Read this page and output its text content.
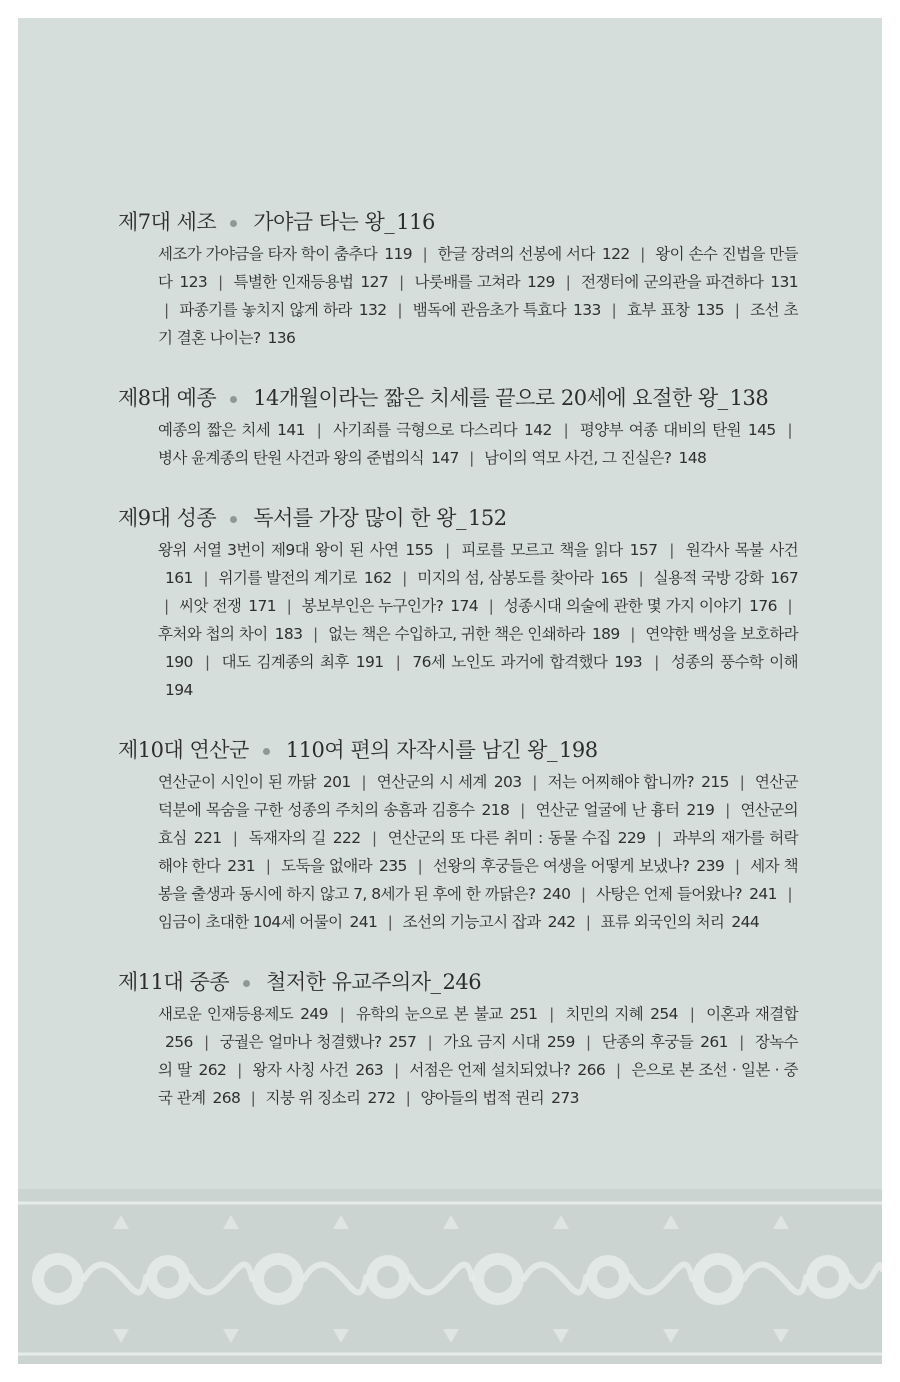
제7대 세조 가야금 타는 왕_116
세조가 가야금을 타자 학이 춤추다 119 | 한글 장려의 선봉에 서다 122 | 왕이 손수 진법을 만들다 123 | 특별한 인재등용법 127 | 나룻배를 고쳐라 129 | 전쟁터에 군의관을 파견하다 131 | 파종기를 놓치지 않게 하라 132 | 뱀독에 관음초가 특효다 133 | 효부 표창 135 | 조선 초기 결혼 나이는? 136
제8대 예종 14개월이라는 짧은 치세를 끝으로 20세에 요절한 왕_138
예종의 짧은 치세 141 | 사기죄를 극형으로 다스리다 142 | 평양부 여종 대비의 탄원 145 | 병사 윤계종의 탄원 사건과 왕의 준법의식 147 | 남이의 역모 사건, 그 진실은? 148
제9대 성종 독서를 가장 많이 한 왕_152
왕위 서열 3번이 제9대 왕이 된 사연 155 | 피로를 모르고 책을 읽다 157 | 원각사 목불 사건161 | 위기를 발전의 계기로 162 | 미지의 섬, 삼봉도를 찾아라 165 | 실용적 국방 강화 167 | 씨앗 전쟁 171 | 봉보부인은 누구인가? 174 | 성종시대 의술에 관한 몇 가지 이야기 176 | 후처와 첩의 차이 183 | 없는 책은 수입하고, 귀한 책은 인쇄하라 189 | 연약한 백성을 보호하라190 | 대도 김계종의 최후 191 | 76세 노인도 과거에 합격했다 193 | 성종의 풍수학 이해194
제10대 연산군 110여 편의 자작시를 남긴 왕_198
연산군이 시인이 된 까닭 201 | 연산군의 시 세계 203 | 저는 어찌해야 합니까? 215 | 연산군 덕분에 목숨을 구한 성종의 주치의 송흠과 김흥수 218 | 연산군 얼굴에 난 흉터 219 | 연산군의 효심 221 | 독재자의 길 222 | 연산군의 또 다른 취미 : 동물 수집 229 | 과부의 재가를 허락해야 한다 231 | 도둑을 없애라 235 | 선왕의 후궁들은 여생을 어떻게 보냈나? 239 | 세자 책봉을 출생과 동시에 하지 않고 7, 8세가 된 후에 한 까닭은? 240 | 사탕은 언제 들어왔나? 241 | 임금이 초대한 104세 어물이 241 | 조선의 기능고시 잡과 242 | 표류 외국인의 처리 244
제11대 중종 철저한 유교주의자_246
새로운 인재등용제도 249 | 유학의 눈으로 본 불교 251 | 치민의 지혜 254 | 이혼과 재결합256 | 궁궐은 얼마나 청결했나? 257 | 가요 금지 시대 259 | 단종의 후궁들 261 | 장녹수의 딸 262 | 왕자 사칭 사건 263 | 서점은 언제 설치되었나? 266 | 은으로 본 조선 · 일본 · 중국 관계 268 | 지붕 위 징소리 272 | 양아들의 법적 권리 273
